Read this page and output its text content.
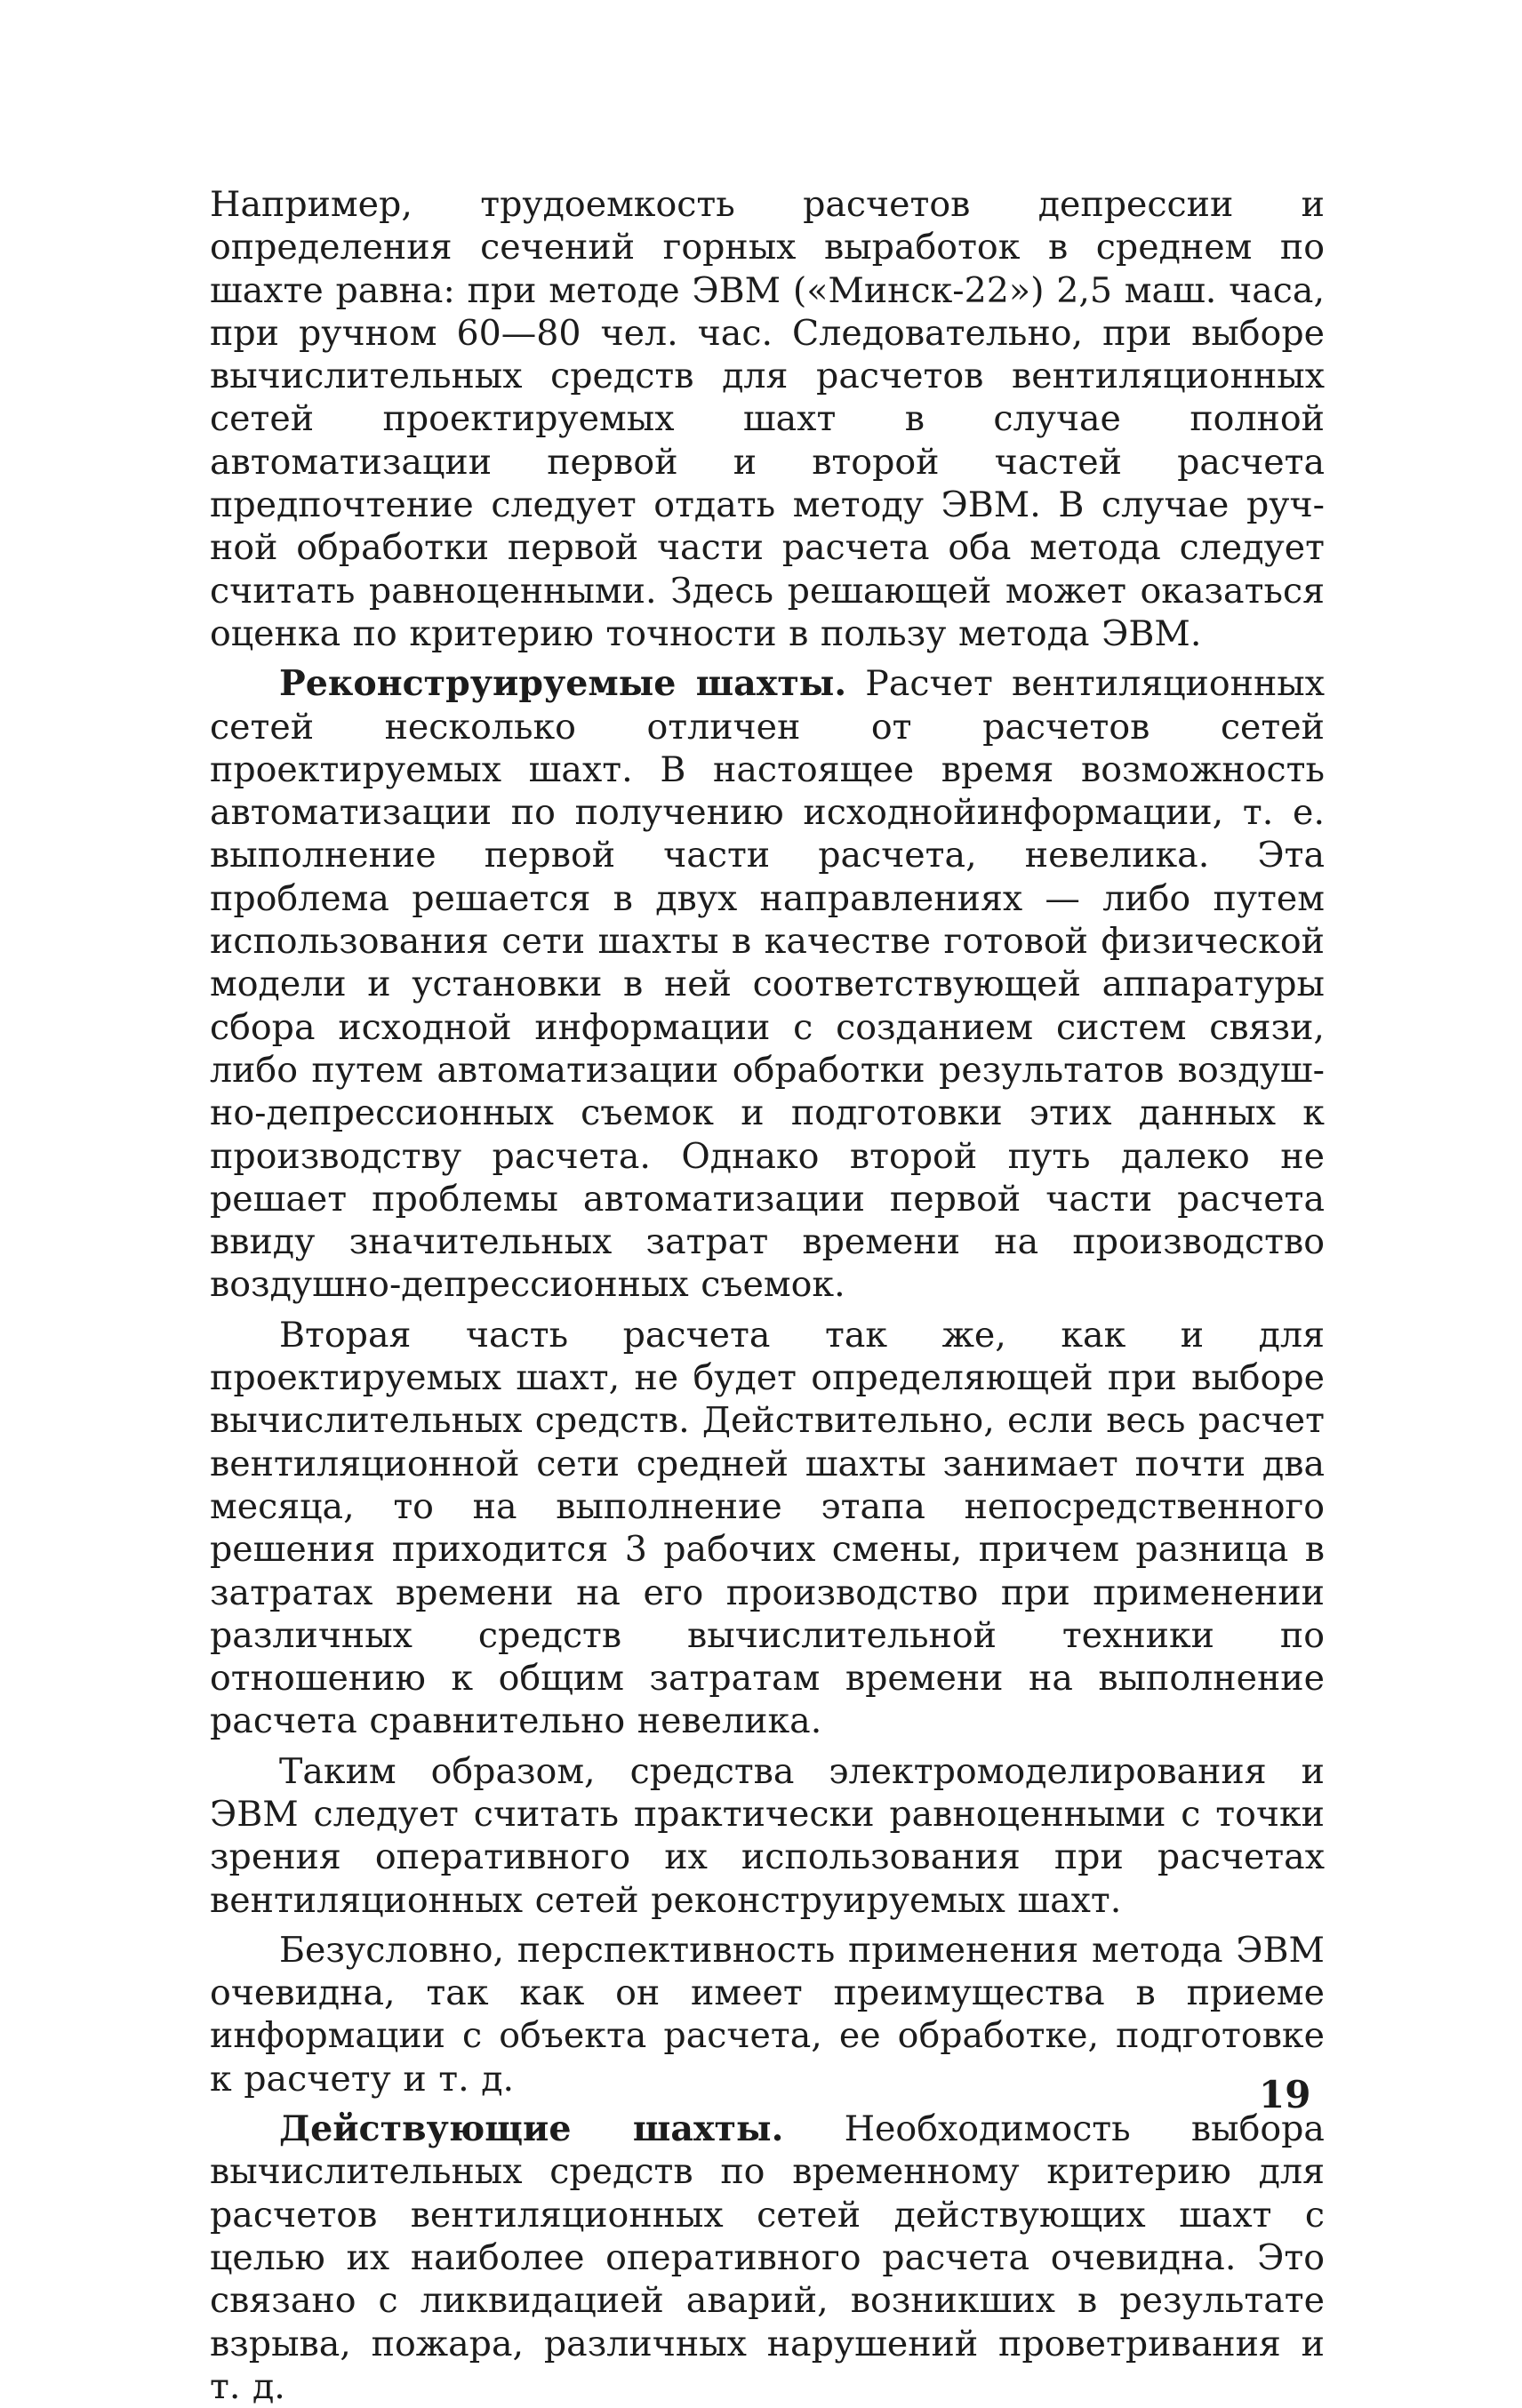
Например, трудоемкость расчетов депрессии и определения сечений горных выработок в среднем по шахте равна: при методе ЭВМ («Минск-22») 2,5 маш. часа, при ручном 60—80 чел. час. Следовательно, при выборе вычислительных средств для расчетов вентиляционных сетей проектируемых шахт в случае полной автоматизации первой и второй частей расчета предпочтение следует отдать методу ЭВМ. В случае ручной обработки первой части расчета оба метода следует считать равноценными. Здесь решающей может оказаться оценка по критерию точности в пользу метода ЭВМ.

Реконструируемые шахты. Расчет вентиляционных сетей несколько отличен от расчетов сетей проектируемых шахт. В настоящее время возможность автоматизации по получению исходнойинформации, т. е. выполнение первой части расчета, невелика. Эта проблема решается в двух направлениях — либо путем использования сети шахты в качестве готовой физической модели и установки в ней соответствующей аппаратуры сбора исходной информации с созданием систем связи, либо путем автоматизации обработки результатов воздушно-депрессионных съемок и подготовки этих данных к производству расчета. Однако второй путь далеко не решает проблемы автоматизации первой части расчета ввиду значительных затрат времени на производство воздушно-депрессионных съемок.

Вторая часть расчета так же, как и для проектируемых шахт, не будет определяющей при выборе вычислительных средств. Действительно, если весь расчет вентиляционной сети средней шахты занимает почти два месяца, то на выполнение этапа непосредственного решения приходится 3 рабочих смены, причем разница в затратах времени на его производство при применении различных средств вычислительной техники по отношению к общим затратам времени на выполнение расчета сравнительно невелика.

Таким образом, средства электромоделирования и ЭВМ следует считать практически равноценными с точки зрения оперативного их использования при расчетах вентиляционных сетей реконструируемых шахт.

Безусловно, перспективность применения метода ЭВМ очевидна, так как он имеет преимущества в приеме информации с объекта расчета, ее обработке, подготовке к расчету и т. д.

Действующие шахты. Необходимость выбора вычислительных средств по временному критерию для расчетов вентиляционных сетей действующих шахт с целью их наиболее оперативного расчета очевидна. Это связано с ликвидацией аварий, возникших в результате взрыва, пожара, различных нарушений проветривания и т. д.

19
